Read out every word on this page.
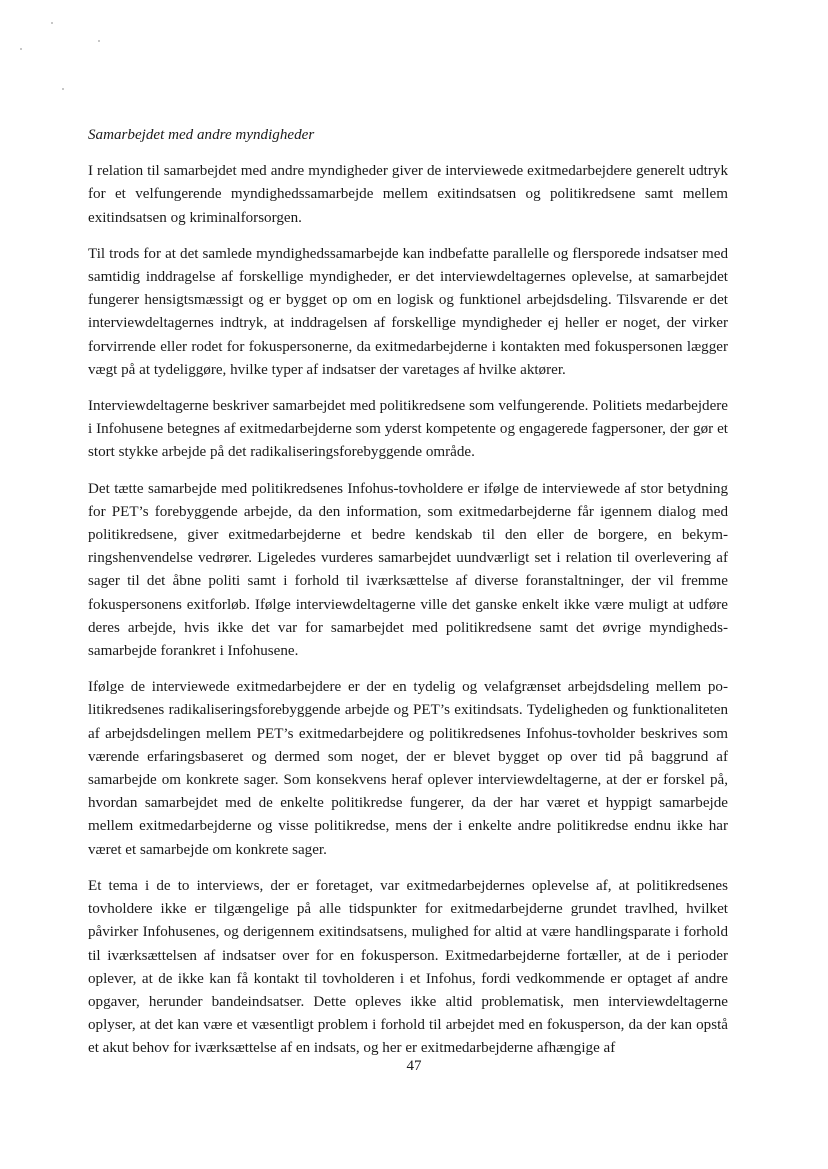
Samarbejdet med andre myndigheder

I relation til samarbejdet med andre myndigheder giver de interviewede exitmedarbejdere generelt udtryk for et velfungerende myndighedssamarbejde mellem exitindsatsen og politikredsene samt mellem exitindsatsen og kriminalforsorgen.

Til trods for at det samlede myndighedssamarbejde kan indbefatte parallelle og flersporede indsatser med samtidig inddragelse af forskellige myndigheder, er det interviewdeltagernes oplevelse, at samarbejdet fungerer hensigtsmæssigt og er bygget op om en logisk og funktionel arbejdsdeling. Tilsvarende er det interviewdeltagernes indtryk, at inddragelsen af forskellige myndigheder ej heller er noget, der virker forvirrende eller rodet for fokuspersonerne, da exitmedarbejderne i kontakten med fokuspersonen lægger vægt på at tydeliggøre, hvilke typer af indsatser der varetages af hvilke aktører.

Interviewdeltagerne beskriver samarbejdet med politikredsene som velfungerende. Politiets medarbejdere i Infohusene betegnes af exitmedarbejderne som yderst kompetente og engagerede fagpersoner, der gør et stort stykke arbejde på det radikaliseringsforebyggende område.

Det tætte samarbejde med politikredsenes Infohus-tovholdere er ifølge de interviewede af stor betydning for PET’s forebyggende arbejde, da den information, som exitmedarbejderne får igennem dialog med politikredsene, giver exitmedarbejderne et bedre kendskab til den eller de borgere, en bekymringshenvendelse vedrører. Ligeledes vurderes samarbejdet uundværligt set i relation til overlevering af sager til det åbne politi samt i forhold til iværksættelse af diverse foranstaltninger, der vil fremme fokuspersonens exitforløb. Ifølge interviewdeltagerne ville det ganske enkelt ikke være muligt at udføre deres arbejde, hvis ikke det var for samarbejdet med politikredsene samt det øvrige myndighedssamarbejde forankret i Infohusene.

Ifølge de interviewede exitmedarbejdere er der en tydelig og velafgrænset arbejdsdeling mellem politikredsenes radikaliseringsforebyggende arbejde og PET’s exitindsats. Tydeligheden og funktionaliteten af arbejdsdelingen mellem PET’s exitmedarbejdere og politikredsenes Infohus-tovholder beskrives som værende erfaringsbaseret og dermed som noget, der er blevet bygget op over tid på baggrund af samarbejde om konkrete sager. Som konsekvens heraf oplever interviewdeltagerne, at der er forskel på, hvordan samarbejdet med de enkelte politikredse fungerer, da der har været et hyppigt samarbejde mellem exitmedarbejderne og visse politikredse, mens der i enkelte andre politikredse endnu ikke har været et samarbejde om konkrete sager.

Et tema i de to interviews, der er foretaget, var exitmedarbejdernes oplevelse af, at politikredsenes tovholdere ikke er tilgængelige på alle tidspunkter for exitmedarbejderne grundet travlhed, hvilket påvirker Infohusenes, og derigennem exitindsatsens, mulighed for altid at være handlingsparate i forhold til iværksættelsen af indsatser over for en fokusperson. Exitmedarbejderne fortæller, at de i perioder oplever, at de ikke kan få kontakt til tovholderen i et Infohus, fordi vedkommende er optaget af andre opgaver, herunder bandeindsatser. Dette opleves ikke altid problematisk, men interviewdeltagerne oplyser, at det kan være et væsentligt problem i forhold til arbejdet med en fokusperson, da der kan opstå et akut behov for iværksættelse af en indsats, og her er exitmedarbejderne afhængige af

47
